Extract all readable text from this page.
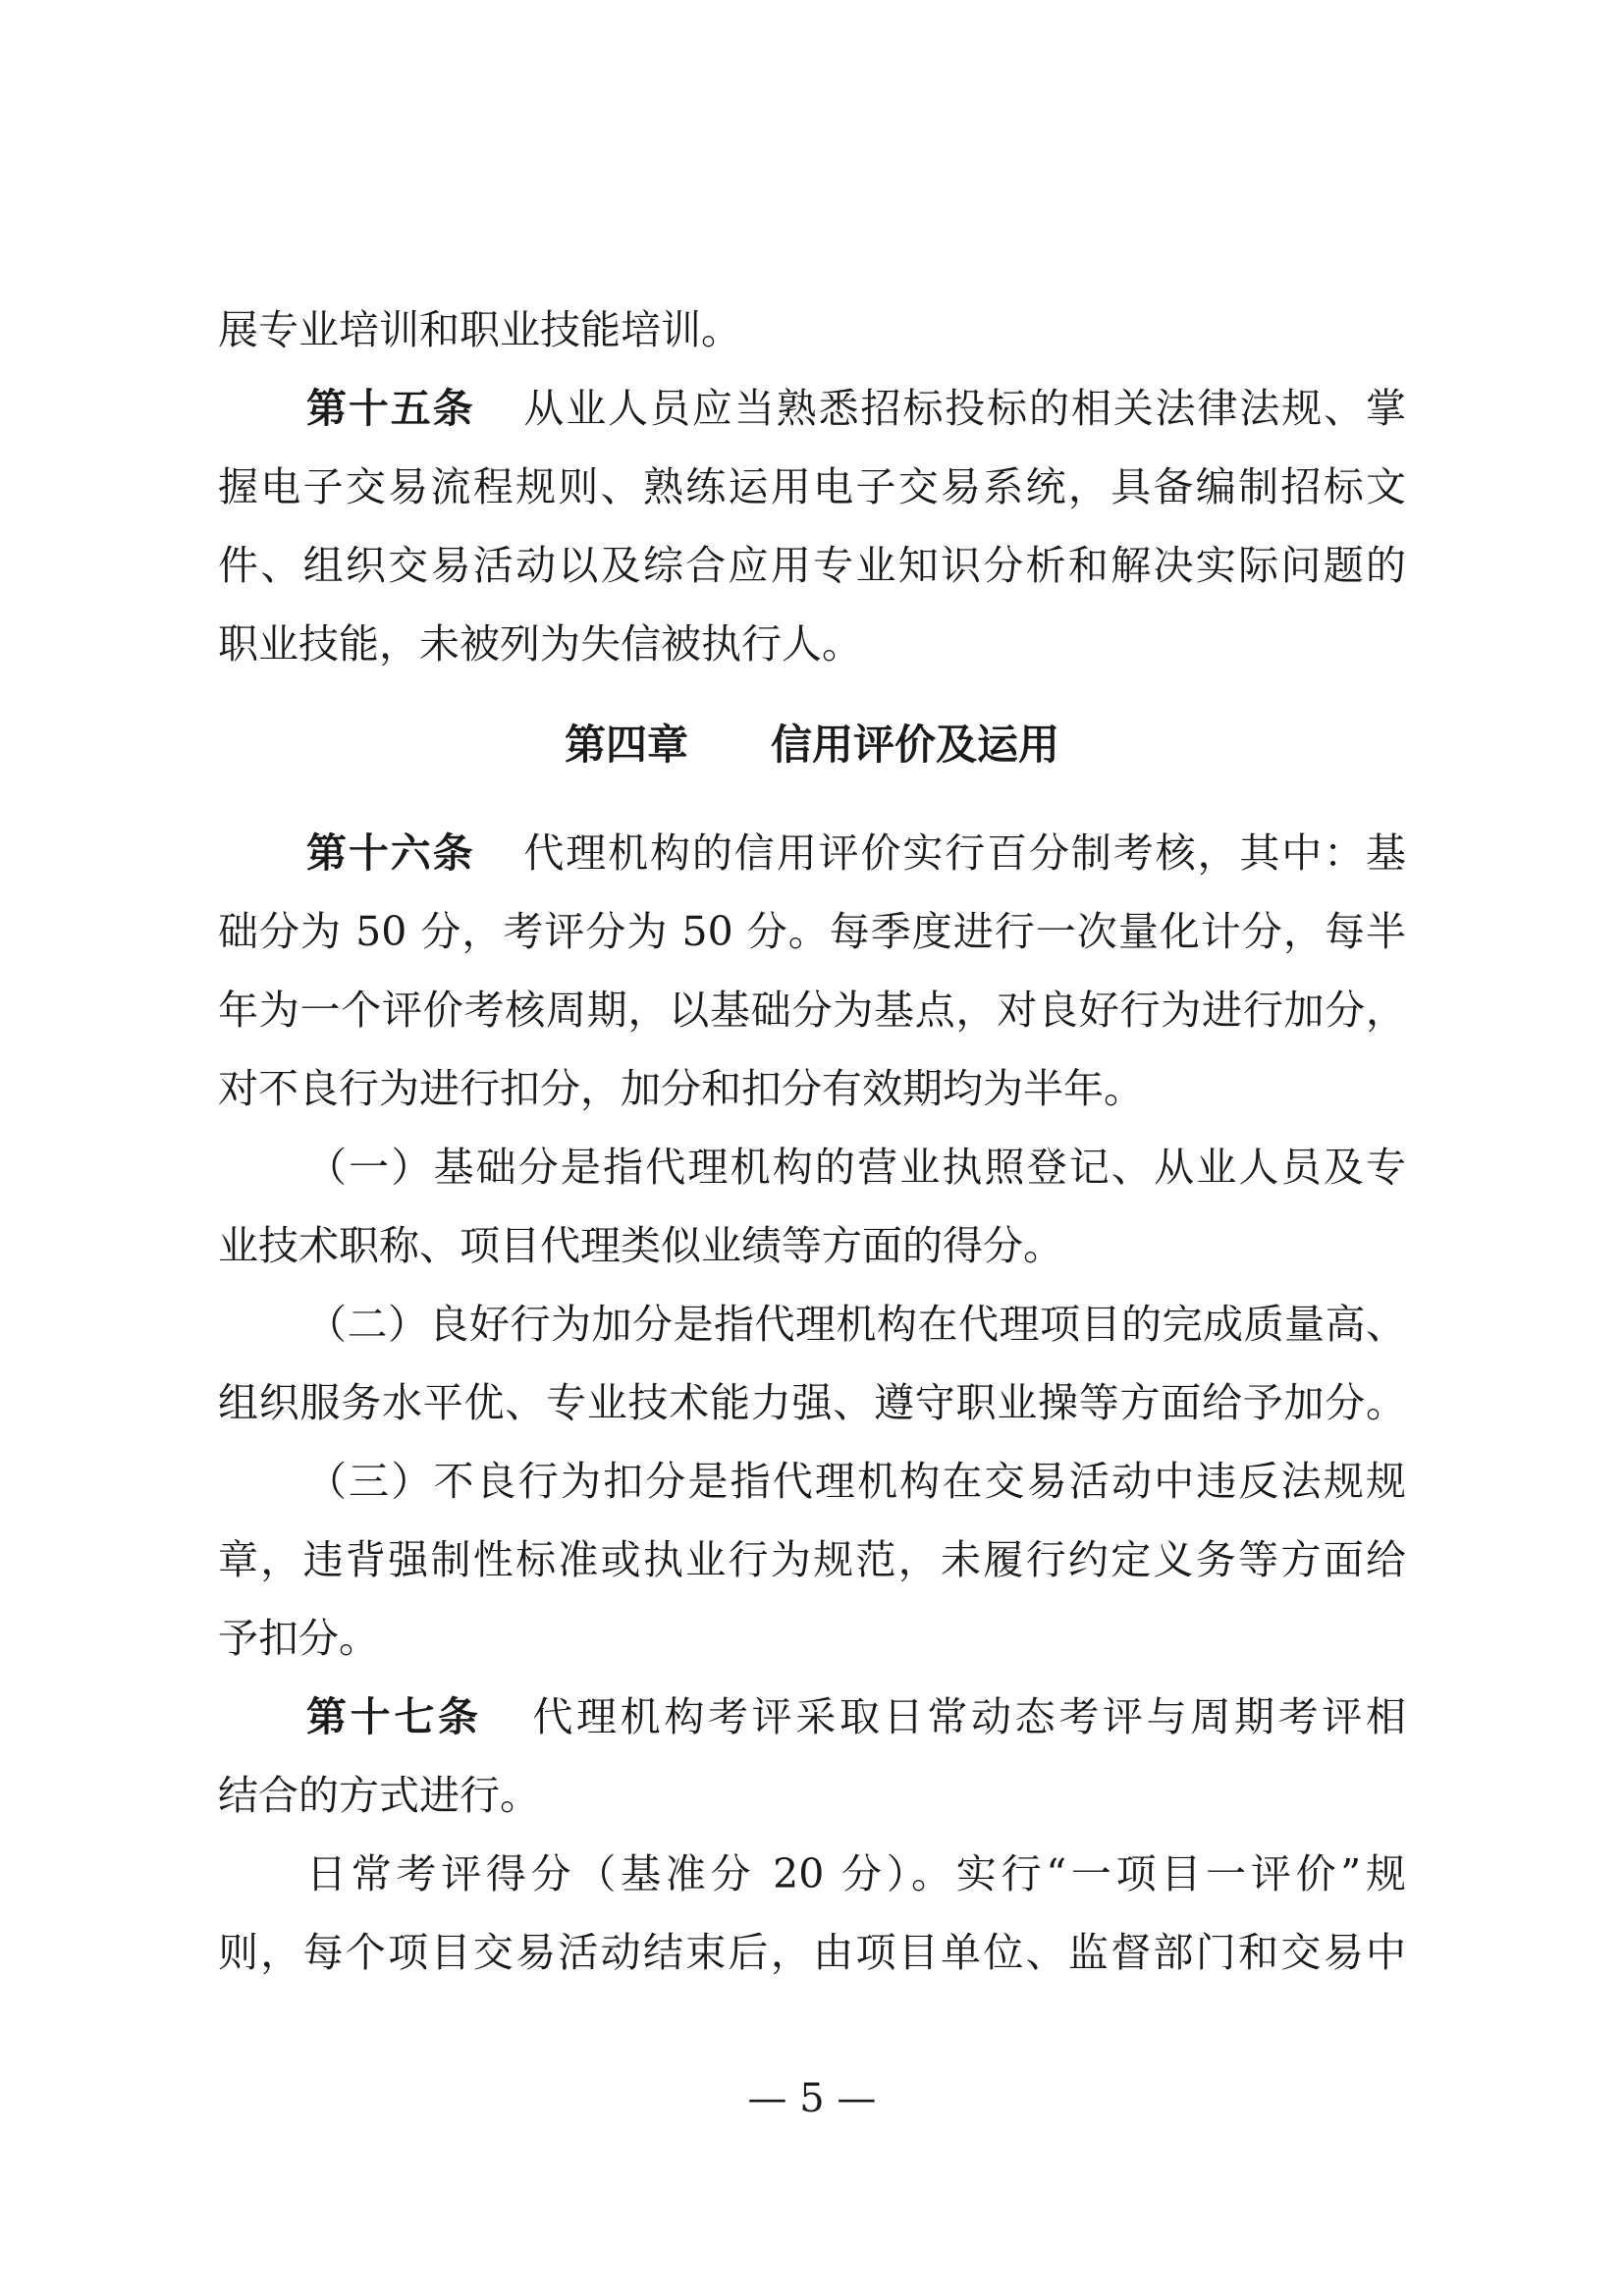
展专业培训和职业技能培训。
第十五条 从业人员应当熟悉招标投标的相关法律法规、掌
握电子交易流程规则、熟练运用电子交易系统，具备编制招标文
件、组织交易活动以及综合应用专业知识分析和解决实际问题的
职业技能，未被列为失信被执行人。
第四章　　信用评价及运用
第十六条 代理机构的信用评价实行百分制考核，其中：基
础分为 50 分，考评分为 50 分。每季度进行一次量化计分，每半
年为一个评价考核周期，以基础分为基点，对良好行为进行加分，
对不良行为进行扣分，加分和扣分有效期均为半年。
（一）基础分是指代理机构的营业执照登记、从业人员及专
业技术职称、项目代理类似业绩等方面的得分。
（二）良好行为加分是指代理机构在代理项目的完成质量高、
组织服务水平优、专业技术能力强、遵守职业操等方面给予加分。
（三）不良行为扣分是指代理机构在交易活动中违反法规规
章，违背强制性标准或执业行为规范，未履行约定义务等方面给
予扣分。
第十七条 代理机构考评采取日常动态考评与周期考评相
结合的方式进行。
日常考评得分（基准分 20 分）。实行“一项目一评价”规
则，每个项目交易活动结束后，由项目单位、监督部门和交易中
— 5 —
